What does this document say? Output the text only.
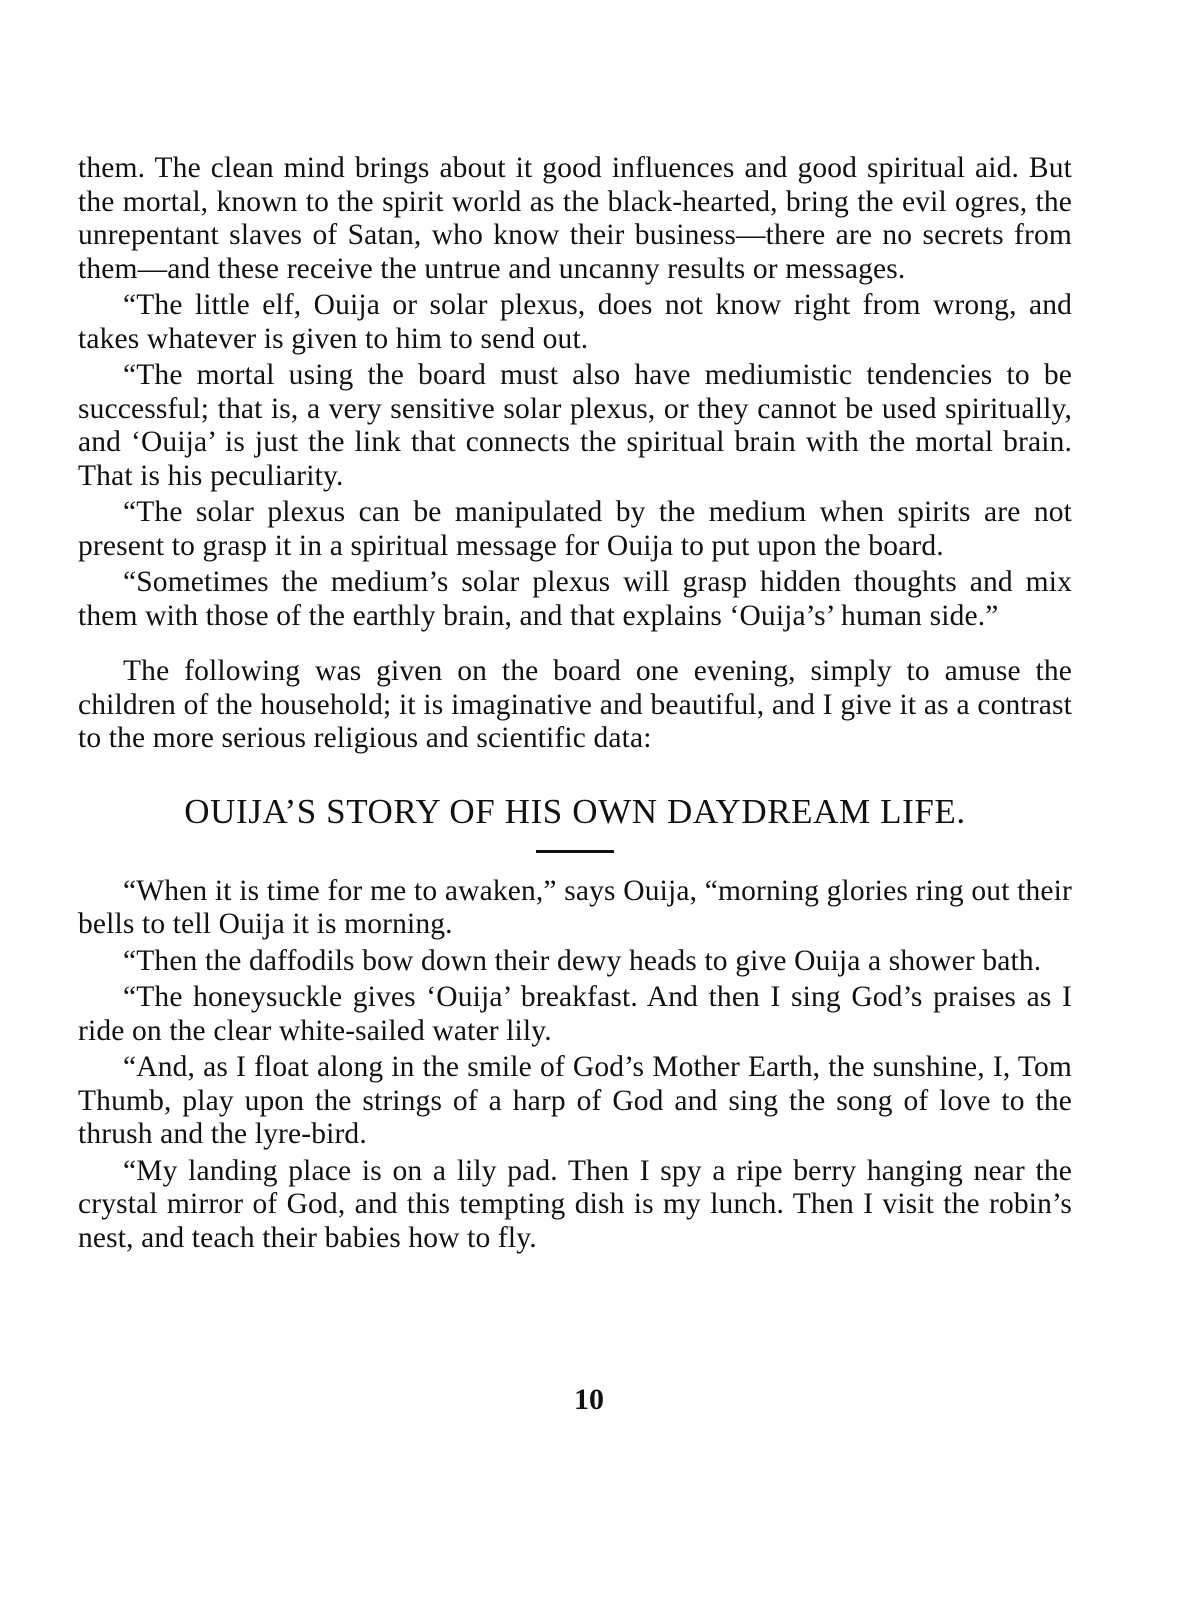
them. The clean mind brings about it good influences and good spiritual aid. But the mortal, known to the spirit world as the black-hearted, bring the evil ogres, the unrepentant slaves of Satan, who know their business—there are no secrets from them—and these receive the untrue and uncanny results or messages.

“The little elf, Ouija or solar plexus, does not know right from wrong, and takes whatever is given to him to send out.

“The mortal using the board must also have mediumistic tendencies to be successful; that is, a very sensitive solar plexus, or they cannot be used spiritually, and ‘Ouija’ is just the link that connects the spiritual brain with the mortal brain. That is his peculiarity.

“The solar plexus can be manipulated by the medium when spirits are not present to grasp it in a spiritual message for Ouija to put upon the board.

“Sometimes the medium’s solar plexus will grasp hidden thoughts and mix them with those of the earthly brain, and that explains ‘Ouija’s’ human side.”

The following was given on the board one evening, simply to amuse the children of the household; it is imaginative and beautiful, and I give it as a contrast to the more serious religious and scientific data:

OUIJA’S STORY OF HIS OWN DAYDREAM LIFE.

“When it is time for me to awaken,” says Ouija, “morning glories ring out their bells to tell Ouija it is morning.

“Then the daffodils bow down their dewy heads to give Ouija a shower bath.

“The honeysuckle gives ‘Ouija’ breakfast. And then I sing God’s praises as I ride on the clear white-sailed water lily.

“And, as I float along in the smile of God’s Mother Earth, the sunshine, I, Tom Thumb, play upon the strings of a harp of God and sing the song of love to the thrush and the lyre-bird.

“My landing place is on a lily pad. Then I spy a ripe berry hanging near the crystal mirror of God, and this tempting dish is my lunch. Then I visit the robin’s nest, and teach their babies how to fly.

10
